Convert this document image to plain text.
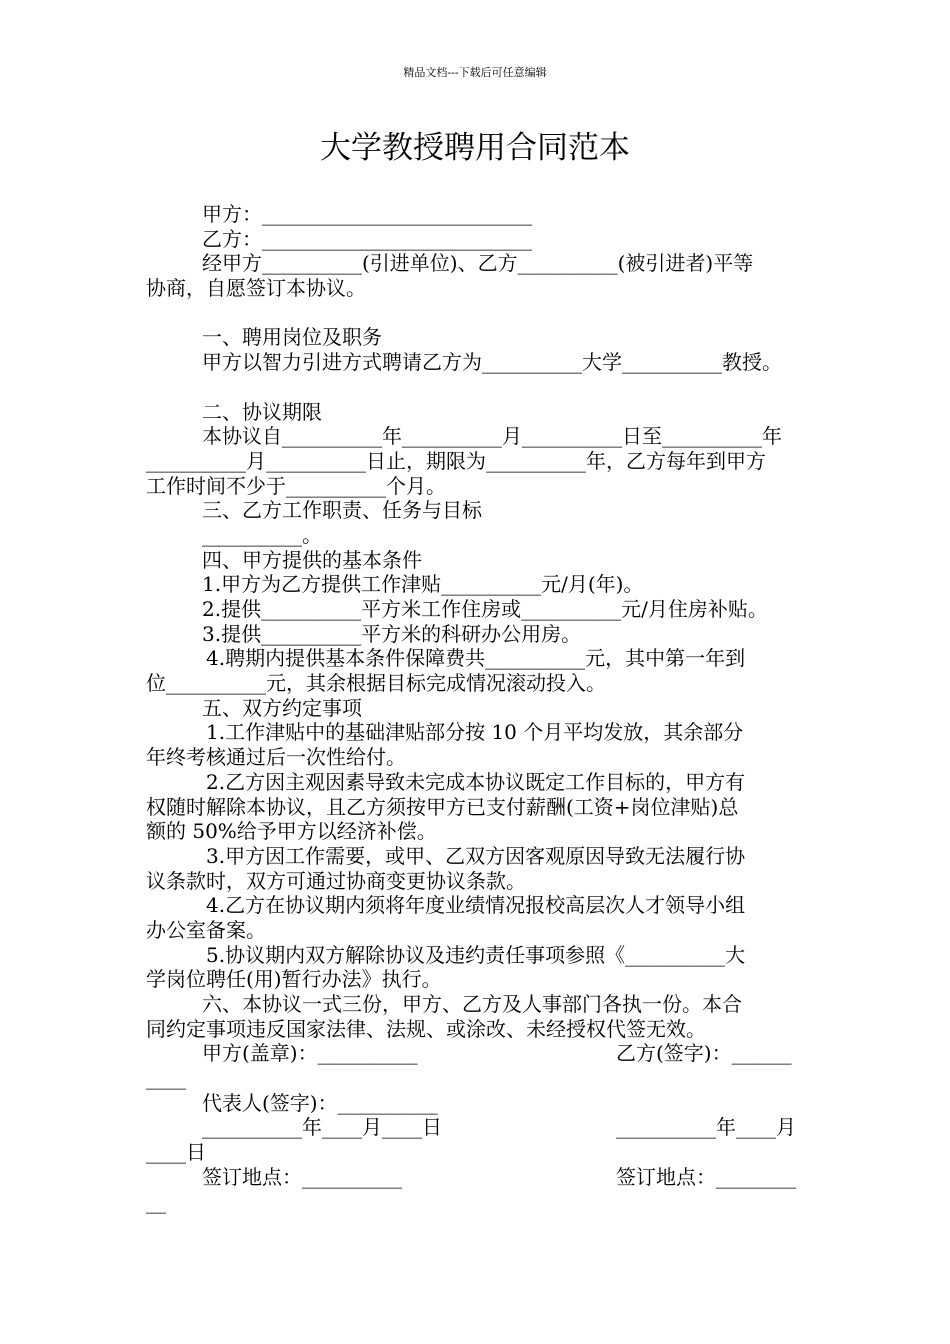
精品文档---下载后可任意编辑
大学教授聘用合同范本
甲方：___________________________
乙方：___________________________
经甲方__________(引进单位)、乙方__________(被引进者)平等
协商，自愿签订本协议。
一、聘用岗位及职务
甲方以智力引进方式聘请乙方为__________大学__________教授。
二、协议期限
本协议自__________年__________月__________日至__________年
__________月__________日止，期限为__________年，乙方每年到甲方
工作时间不少于__________个月。
三、乙方工作职责、任务与目标
__________。
四、甲方提供的基本条件
1.甲方为乙方提供工作津贴__________元/月(年)。
2.提供__________平方米工作住房或__________元/月住房补贴。
3.提供__________平方米的科研办公用房。
4.聘期内提供基本条件保障费共__________元，其中第一年到
位__________元，其余根据目标完成情况滚动投入。
五、双方约定事项
1.工作津贴中的基础津贴部分按 10 个月平均发放，其余部分
年终考核通过后一次性给付。
2.乙方因主观因素导致未完成本协议既定工作目标的，甲方有
权随时解除本协议，且乙方须按甲方已支付薪酬(工资+岗位津贴)总
额的 50%给予甲方以经济补偿。
3.甲方因工作需要，或甲、乙双方因客观原因导致无法履行协
议条款时，双方可通过协商变更协议条款。
4.乙方在协议期内须将年度业绩情况报校高层次人才领导小组
办公室备案。
5.协议期内双方解除协议及违约责任事项参照《__________大
学岗位聘任(用)暂行办法》执行。
六、本协议一式三份，甲方、乙方及人事部门各执一份。本合
同约定事项违反国家法律、法规、或涂改、未经授权代签无效。
甲方(盖章)：__________	乙方(签字)：______
____
代表人(签字)：__________
__________年____月____日	__________年____月
____日
签订地点：__________	签订地点：________
__
